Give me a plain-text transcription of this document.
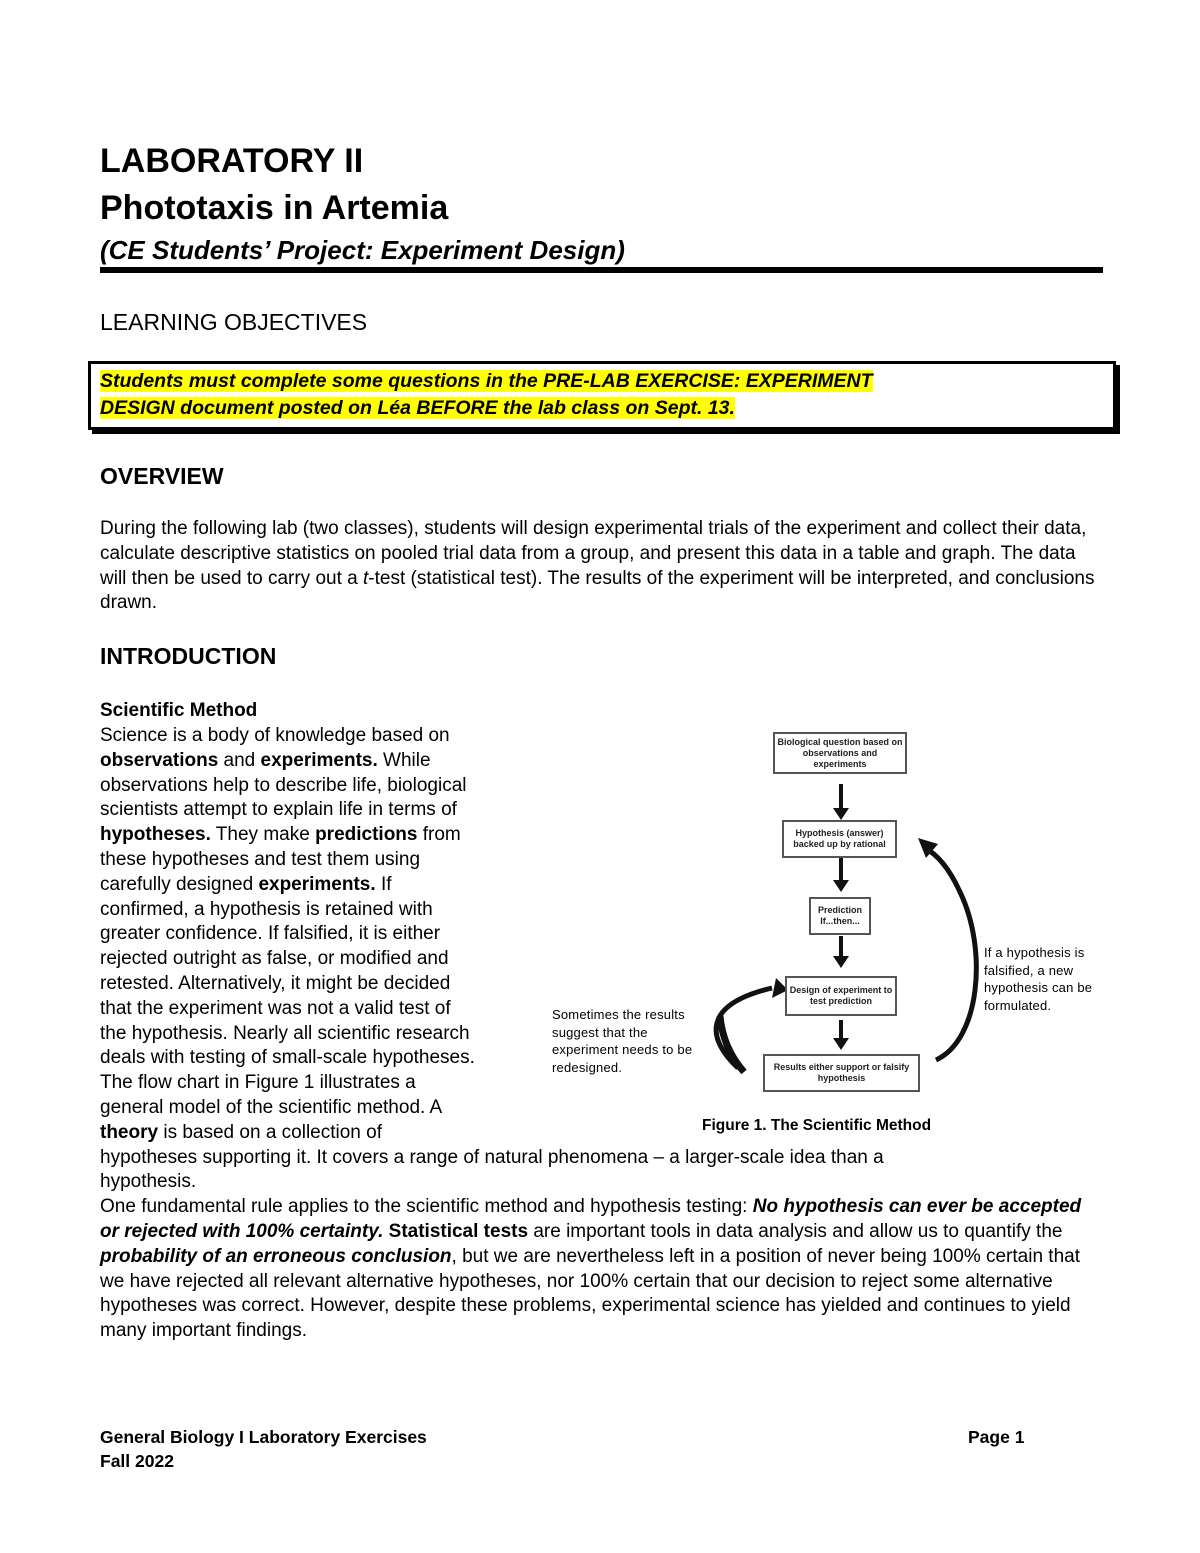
LABORATORY II
Phototaxis in Artemia
(CE Students’ Project: Experiment Design)
LEARNING OBJECTIVES
Students must complete some questions in the PRE-LAB EXERCISE: EXPERIMENT
DESIGN document posted on Léa BEFORE the lab class on Sept. 13.
OVERVIEW

During the following lab (two classes), students will design experimental trials of the experiment and collect their data, calculate descriptive statistics on pooled trial data from a group, and present this data in a table and graph. The data will then be used to carry out a t-test (statistical test). The results of the experiment will be interpreted, and conclusions drawn.

INTRODUCTION
Scientific Method

Science is a body of knowledge based on

observations and experiments. While

observations help to describe life, biological

scientists attempt to explain life in terms of

hypotheses. They make predictions from

these hypotheses and test them using

carefully designed experiments. If

confirmed, a hypothesis is retained with

greater confidence. If falsified, it is either

rejected outright as false, or modified and

retested. Alternatively, it might be decided

that the experiment was not a valid test of

the hypothesis. Nearly all scientific research

deals with testing of small-scale hypotheses.

The flow chart in Figure 1 illustrates a

general model of the scientific method. A

theory is based on a collection of

hypotheses supporting it. It covers a range of natural phenomena – a larger-scale idea than a

hypothesis.

One fundamental rule applies to the scientific method and hypothesis testing: No hypothesis can ever be accepted or rejected with 100% certainty. Statistical tests are important tools in data analysis and allow us to quantify the probability of an erroneous conclusion, but we are nevertheless left in a position of never being 100% certain that we have rejected all relevant alternative hypotheses, nor 100% certain that our decision to reject some alternative hypotheses was correct. However, despite these problems, experimental science has yielded and continues to yield many important findings.

Biological question based on observations and experiments
Hypothesis (answer) backed up by rational
Prediction If...then...
Design of experiment to test prediction
Results either support or falsify hypothesis
Sometimes the results
suggest that the
experiment needs to be
redesigned.
If a hypothesis is
falsified, a new
hypothesis can be
formulated.
Figure 1. The Scientific Method
General Biology I Laboratory Exercises
Fall 2022
Page 1
